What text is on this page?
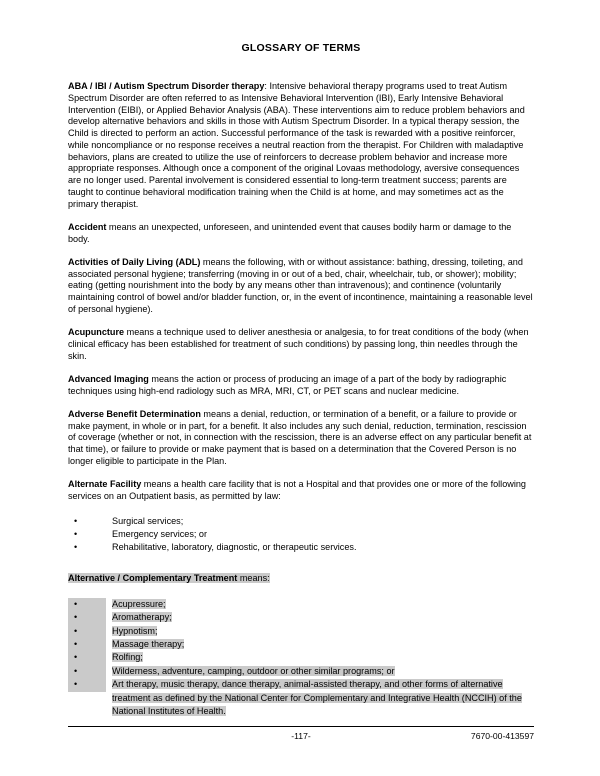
GLOSSARY OF TERMS

ABA / IBI / Autism Spectrum Disorder therapy: Intensive behavioral therapy programs used to treat Autism Spectrum Disorder are often referred to as Intensive Behavioral Intervention (IBI), Early Intensive Behavioral Intervention (EIBI), or Applied Behavior Analysis (ABA). These interventions aim to reduce problem behaviors and develop alternative behaviors and skills in those with Autism Spectrum Disorder. In a typical therapy session, the Child is directed to perform an action. Successful performance of the task is rewarded with a positive reinforcer, while noncompliance or no response receives a neutral reaction from the therapist. For Children with maladaptive behaviors, plans are created to utilize the use of reinforcers to decrease problem behavior and increase more appropriate responses. Although once a component of the original Lovaas methodology, aversive consequences are no longer used. Parental involvement is considered essential to long-term treatment success; parents are taught to continue behavioral modification training when the Child is at home, and may sometimes act as the primary therapist.

Accident means an unexpected, unforeseen, and unintended event that causes bodily harm or damage to the body.

Activities of Daily Living (ADL) means the following, with or without assistance: bathing, dressing, toileting, and associated personal hygiene; transferring (moving in or out of a bed, chair, wheelchair, tub, or shower); mobility; eating (getting nourishment into the body by any means other than intravenous); and continence (voluntarily maintaining control of bowel and/or bladder function, or, in the event of incontinence, maintaining a reasonable level of personal hygiene).

Acupuncture means a technique used to deliver anesthesia or analgesia, to for treat conditions of the body (when clinical efficacy has been established for treatment of such conditions) by passing long, thin needles through the skin.

Advanced Imaging means the action or process of producing an image of a part of the body by radiographic techniques using high-end radiology such as MRA, MRI, CT, or PET scans and nuclear medicine.

Adverse Benefit Determination means a denial, reduction, or termination of a benefit, or a failure to provide or make payment, in whole or in part, for a benefit. It also includes any such denial, reduction, termination, rescission of coverage (whether or not, in connection with the rescission, there is an adverse effect on any particular benefit at that time), or failure to provide or make payment that is based on a determination that the Covered Person is no longer eligible to participate in the Plan.

Alternate Facility means a health care facility that is not a Hospital and that provides one or more of the following services on an Outpatient basis, as permitted by law:

•	Surgical services;
•	Emergency services; or
•	Rehabilitative, laboratory, diagnostic, or therapeutic services.

Alternative / Complementary Treatment means:

•	Acupressure;
•	Aromatherapy;
•	Hypnotism;
•	Massage therapy;
•	Rolfing;
•	Wilderness, adventure, camping, outdoor or other similar programs; or
•	Art therapy, music therapy, dance therapy, animal-assisted therapy, and other forms of alternative treatment as defined by the National Center for Complementary and Integrative Health (NCCIH) of the National Institutes of Health.
-117-	7670-00-413597
